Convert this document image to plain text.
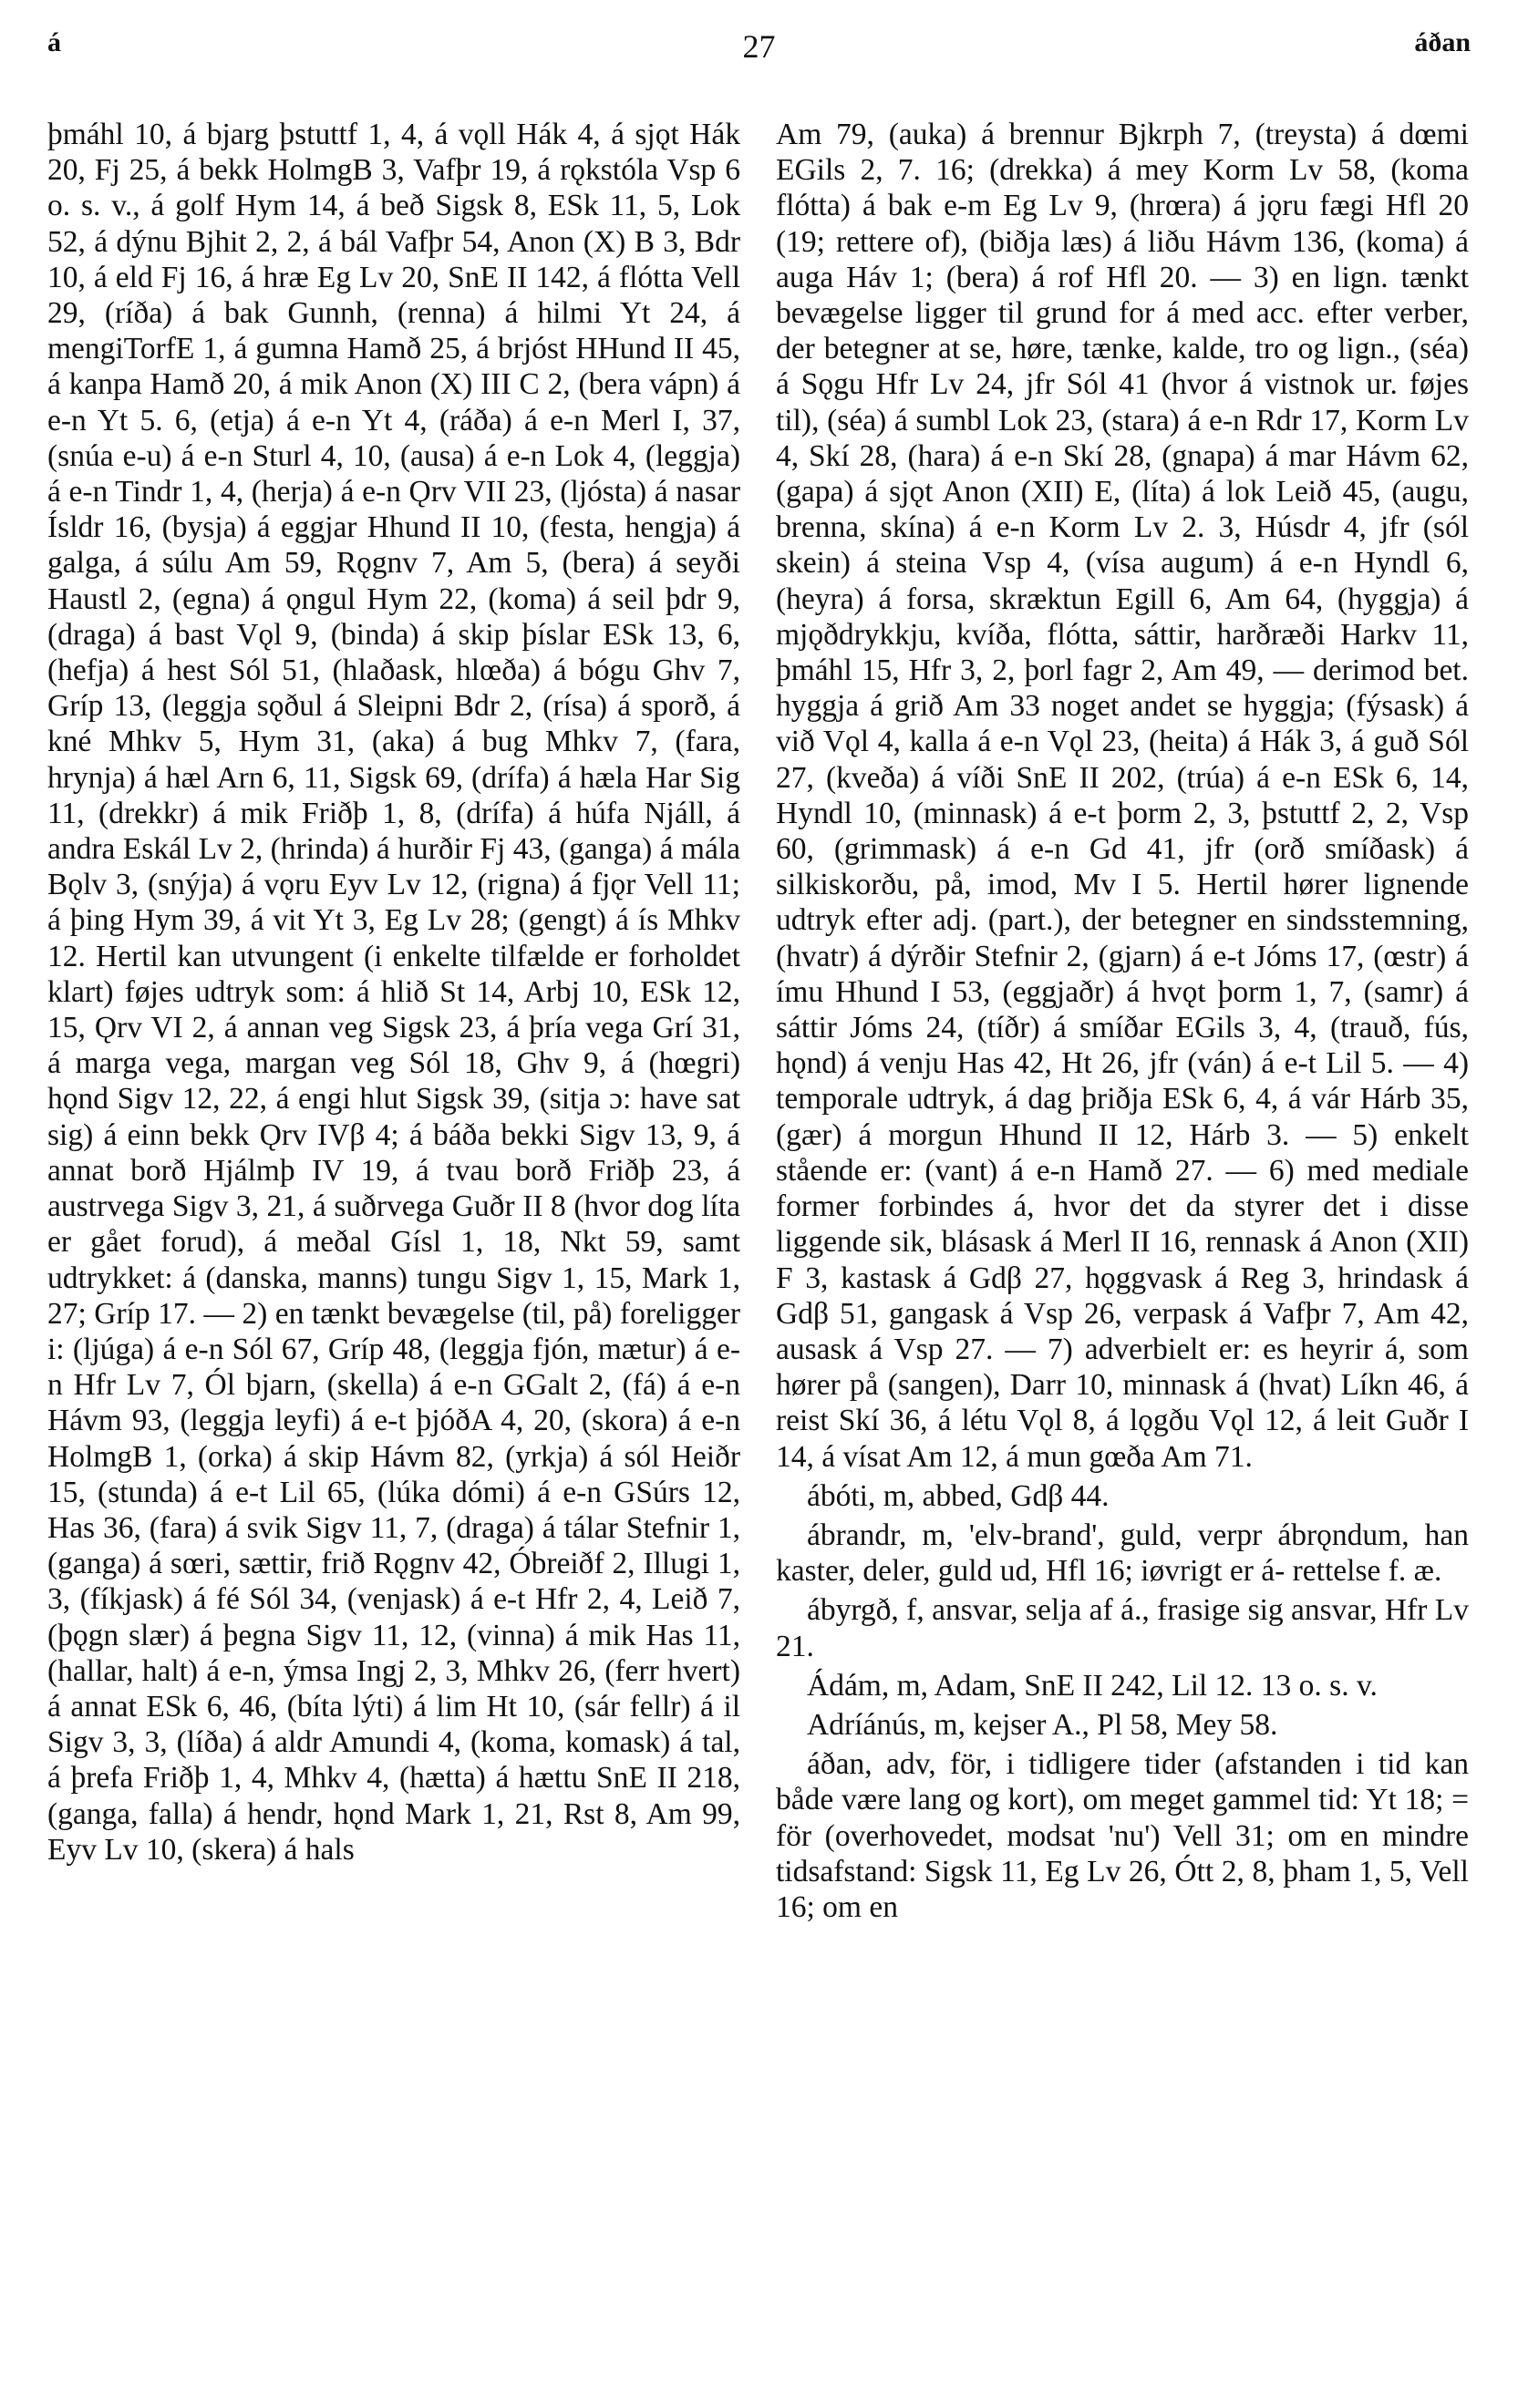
á	27	áðan

þmáhl 10, á bjarg þstuttf 1, 4, á vǫll Hák 4, á sjǫt Hák 20, Fj 25, á bekk HolmgB 3, Vafþr 19, á rǫkstóla Vsp 6 o. s. v., á golf Hym 14, á beð Sigsk 8, ESk 11, 5, Lok 52, á dýnu Bjhit 2, 2, á bál Vafþr 54, Anon (X) B 3, Bdr 10, á eld Fj 16, á hræ Eg Lv 20, SnE II 142, á flótta Vell 29, (ríða) á bak Gunnh, (renna) á hilmi Yt 24, á mengiTorfE 1, á gumna Hamð 25, á brjóst HHund II 45, á kanpa Hamð 20, á mik Anon (X) III C 2, (bera vápn) á e-n Yt 5. 6, (etja) á e-n Yt 4, (ráða) á e-n Merl I, 37, (snúa e-u) á e-n Sturl 4, 10, (ausa) á e-n Lok 4, (leggja) á e-n Tindr 1, 4, (herja) á e-n Ǫrv VII 23, (ljósta) á nasar Ísldr 16, (bysja) á eggjar Hhund II 10, (festa, hengja) á galga, á súlu Am 59, Rǫgnv 7, Am 5, (bera) á seyði Haustl 2, (egna) á ǫngul Hym 22, (koma) á seil þdr 9, (draga) á bast Vǫl 9, (binda) á skip þíslar ESk 13, 6, (hefja) á hest Sól 51, (hlaðask, hlœða) á bógu Ghv 7, Gríp 13, (leggja sǫðul á Sleipni Bdr 2, (rísa) á sporð, á kné Mhkv 5, Hym 31, (aka) á bug Mhkv 7, (fara, hrynja) á hæl Arn 6, 11, Sigsk 69, (drífa) á hæla Har Sig 11, (drekkr) á mik Friðþ 1, 8, (drífa) á húfa Njáll, á andra Eskál Lv 2, (hrinda) á hurðir Fj 43, (ganga) á mála Bǫlv 3, (snýja) á vǫru Eyv Lv 12, (rigna) á fjǫr Vell 11; á þing Hym 39, á vit Yt 3, Eg Lv 28; (gengt) á ís Mhkv 12. Hertil kan utvungent (i enkelte tilfælde er forholdet klart) føjes udtryk som: á hlið St 14, Arbj 10, ESk 12, 15, Ǫrv VI 2, á annan veg Sigsk 23, á þría vega Grí 31, á marga vega, margan veg Sól 18, Ghv 9, á (hœgri) hǫnd Sigv 12, 22, á engi hlut Sigsk 39, (sitja ɔ: have sat sig) á einn bekk Ǫrv IVβ 4; á báða bekki Sigv 13, 9, á annat borð Hjálmþ IV 19, á tvau borð Friðþ 23, á austrvega Sigv 3, 21, á suðrvega Guðr II 8 (hvor dog líta er gået forud), á meðal Gísl 1, 18, Nkt 59, samt udtrykket: á (danska, manns) tungu Sigv 1, 15, Mark 1, 27; Gríp 17. — 2) en tænkt bevægelse (til, på) foreligger i: (ljúga) á e-n Sól 67, Gríp 48, (leggja fjón, mætur) á e-n Hfr Lv 7, Ól bjarn, (skella) á e-n GGalt 2, (fá) á e-n Hávm 93, (leggja leyfi) á e-t þjóðA 4, 20, (skora) á e-n HolmgB 1, (orka) á skip Hávm 82, (yrkja) á sól Heiðr 15, (stunda) á e-t Lil 65, (lúka dómi) á e-n GSúrs 12, Has 36, (fara) á svik Sigv 11, 7, (draga) á tálar Stefnir 1, (ganga) á sœri, sættir, frið Rǫgnv 42, Óbreiðf 2, Illugi 1, 3, (fíkjask) á fé Sól 34, (venjask) á e-t Hfr 2, 4, Leið 7, (þǫgn slær) á þegna Sigv 11, 12, (vinna) á mik Has 11, (hallar, halt) á e-n, ýmsa Ingj 2, 3, Mhkv 26, (ferr hvert) á annat ESk 6, 46, (bíta lýti) á lim Ht 10, (sár fellr) á il Sigv 3, 3, (líða) á aldr Amundi 4, (koma, komask) á tal, á þrefa Friðþ 1, 4, Mhkv 4, (hætta) á hættu SnE II 218, (ganga, falla) á hendr, hǫnd Mark 1, 21, Rst 8, Am 99, Eyv Lv 10, (skera) á hals

Am 79, (auka) á brennur Bjkrph 7, (treysta) á dœmi EGils 2, 7. 16; (drekka) á mey Korm Lv 58, (koma flótta) á bak e-m Eg Lv 9, (hrœra) á jǫru fægi Hfl 20 (19; rettere of), (biðja læs) á liðu Hávm 136, (koma) á auga Háv 1; (bera) á rof Hfl 20. — 3) en lign. tænkt bevægelse ligger til grund for á med acc. efter verber, der betegner at se, høre, tænke, kalde, tro og lign., (séa) á Sǫgu Hfr Lv 24, jfr Sól 41 (hvor á vistnok ur. føjes til), (séa) á sumbl Lok 23, (stara) á e-n Rdr 17, Korm Lv 4, Skí 28, (hara) á e-n Skí 28, (gnapa) á mar Hávm 62, (gapa) á sjǫt Anon (XII) E, (líta) á lok Leið 45, (augu, brenna, skína) á e-n Korm Lv 2. 3, Húsdr 4, jfr (sól skein) á steina Vsp 4, (vísa augum) á e-n Hyndl 6, (heyra) á forsa, skræktun Egill 6, Am 64, (hyggja) á mjǫðdrykkju, kvíða, flótta, sáttir, harðræði Harkv 11, þmáhl 15, Hfr 3, 2, þorl fagr 2, Am 49, — derimod bet. hyggja á grið Am 33 noget andet se hyggja; (fýsask) á við Vǫl 4, kalla á e-n Vǫl 23, (heita) á Hák 3, á guð Sól 27, (kveða) á víði SnE II 202, (trúa) á e-n ESk 6, 14, Hyndl 10, (minnask) á e-t þorm 2, 3, þstuttf 2, 2, Vsp 60, (grimmask) á e-n Gd 41, jfr (orð smíðask) á silkiskorðu, på, imod, Mv I 5. Hertil hører lignende udtryk efter adj. (part.), der betegner en sindsstemning, (hvatr) á dýrðir Stefnir 2, (gjarn) á e-t Jóms 17, (œstr) á ímu Hhund I 53, (eggjaðr) á hvǫt þorm 1, 7, (samr) á sáttir Jóms 24, (tíðr) á smíðar EGils 3, 4, (trauð, fús, hǫnd) á venju Has 42, Ht 26, jfr (ván) á e-t Lil 5. — 4) temporale udtryk, á dag þriðja ESk 6, 4, á vár Hárb 35, (gær) á morgun Hhund II 12, Hárb 3. — 5) enkelt stående er: (vant) á e-n Hamð 27. — 6) med mediale former forbindes á, hvor det da styrer det i disse liggende sik, blásask á Merl II 16, rennask á Anon (XII) F 3, kastask á Gdβ 27, hǫggvask á Reg 3, hrindask á Gdβ 51, gangask á Vsp 26, verpask á Vafþr 7, Am 42, ausask á Vsp 27. — 7) adverbielt er: es heyrir á, som hører på (sangen), Darr 10, minnask á (hvat) Líkn 46, á reist Skí 36, á létu Vǫl 8, á lǫgðu Vǫl 12, á leit Guðr I 14, á vísat Am 12, á mun gœða Am 71.

ábóti, m, abbed, Gdβ 44.

ábrandr, m, 'elv-brand', guld, verpr ábrǫndum, han kaster, deler, guld ud, Hfl 16; iøvrigt er á- rettelse f. æ.

ábyrgð, f, ansvar, selja af á., frasige sig ansvar, Hfr Lv 21.

Ádám, m, Adam, SnE II 242, Lil 12. 13 o. s. v.

Adríánús, m, kejser A., Pl 58, Mey 58.

áðan, adv, för, i tidligere tider (afstanden i tid kan både være lang og kort), om meget gammel tid: Yt 18; = för (overhovedet, modsat 'nu') Vell 31; om en mindre tidsafstand: Sigsk 11, Eg Lv 26, Ótt 2, 8, þham 1, 5, Vell 16; om en
